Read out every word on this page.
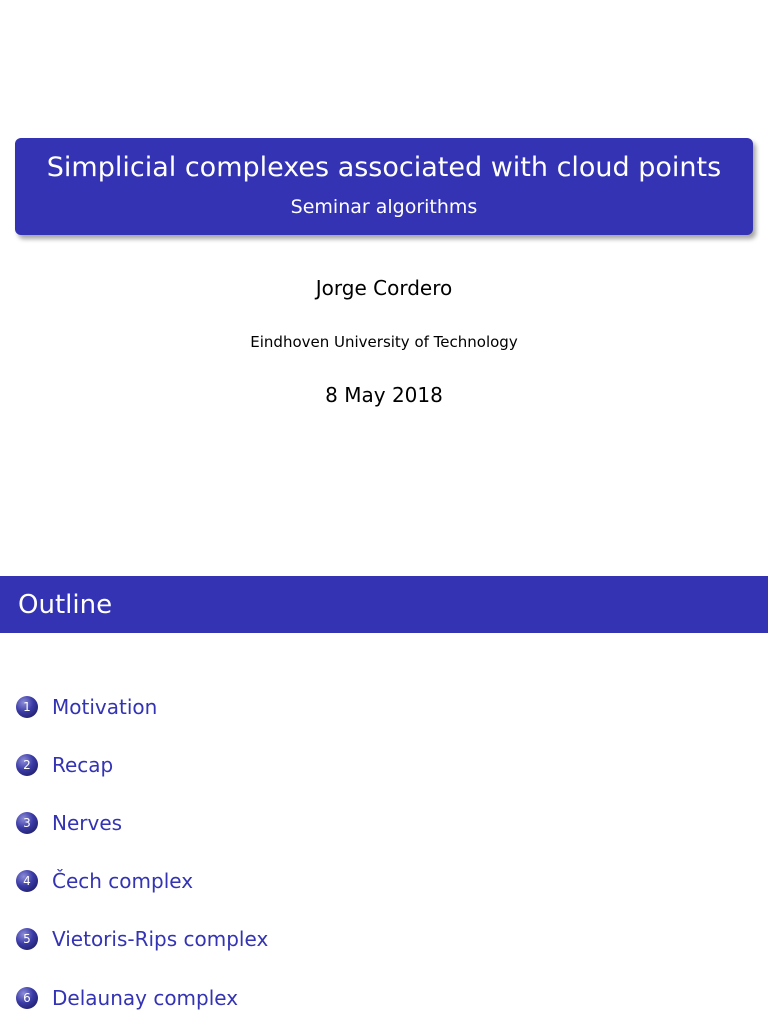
Simplicial complexes associated with cloud points
Seminar algorithms
Jorge Cordero
Eindhoven University of Technology
8 May 2018
Outline
1	Motivation
2	Recap
3	Nerves
4	Čech complex
5	Vietoris-Rips complex
6	Delaunay complex
